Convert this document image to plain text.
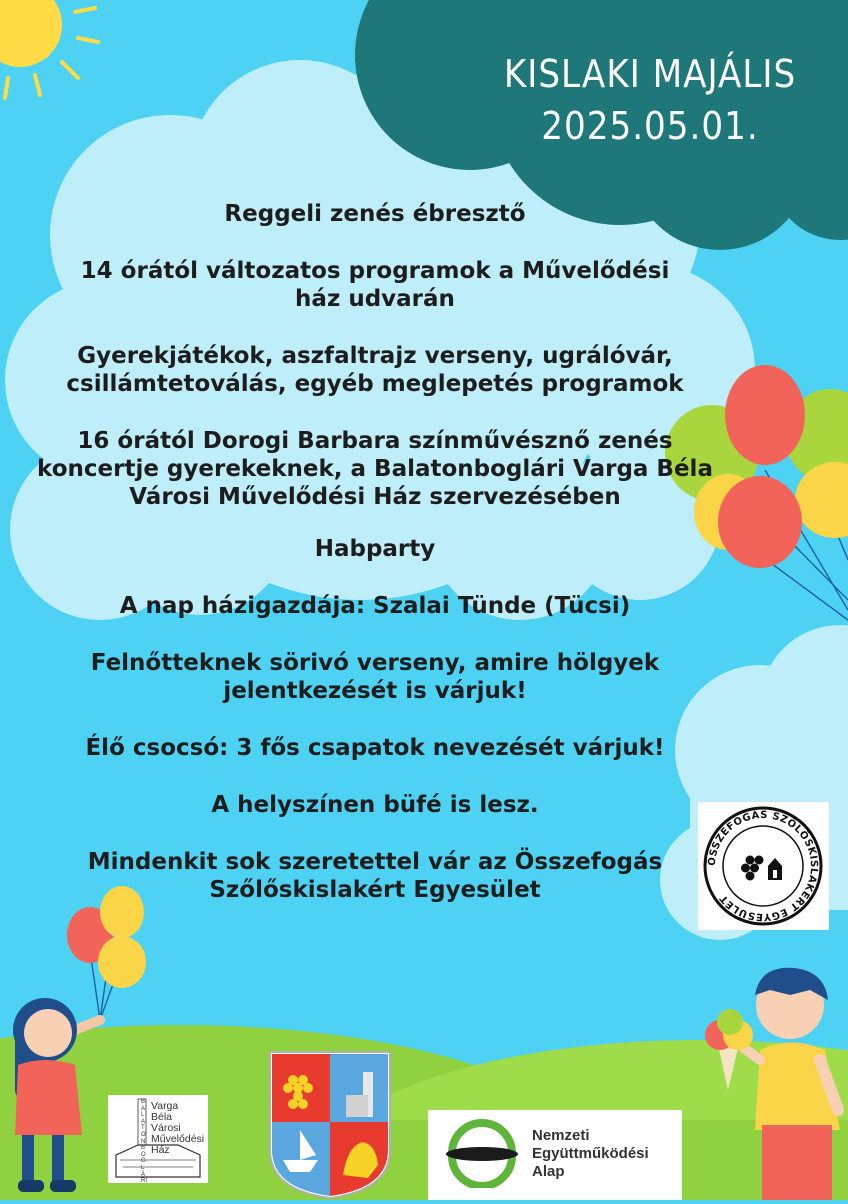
KISLAKI MAJÁLIS
2025.05.01.

Reggeli zenés ébresztő

14 órától változatos programok a Művelődési ház udvarán

Gyerekjátékok, aszfaltrajz verseny, ugrálóvár, csillámtetoválás, egyéb meglepetés programok

16 órától Dorogi Barbara színművésznő zenés koncertje gyerekeknek, a Balatonboglári Varga Béla Városi Művelődési Ház szervezésében

Habparty

A nap házigazdája: Szalai Tünde (Tücsi)

Felnőtteknek sörivó verseny, amire hölgyek jelentkezését is várjuk!

Élő csocsó: 3 fős csapatok nevezését várjuk!

A helyszínen büfé is lesz.

Mindenkit sok szeretettel vár az Összefogás Szőlőskislakért Egyesület

ÖSSZEFOGÁS SZŐLŐSKISLAKÉRT EGYESÜLET
BALATONBOGLÁRI
Varga
Béla
Városi
Művelődési
Ház
Nemzeti
Együttműködési
Alap
